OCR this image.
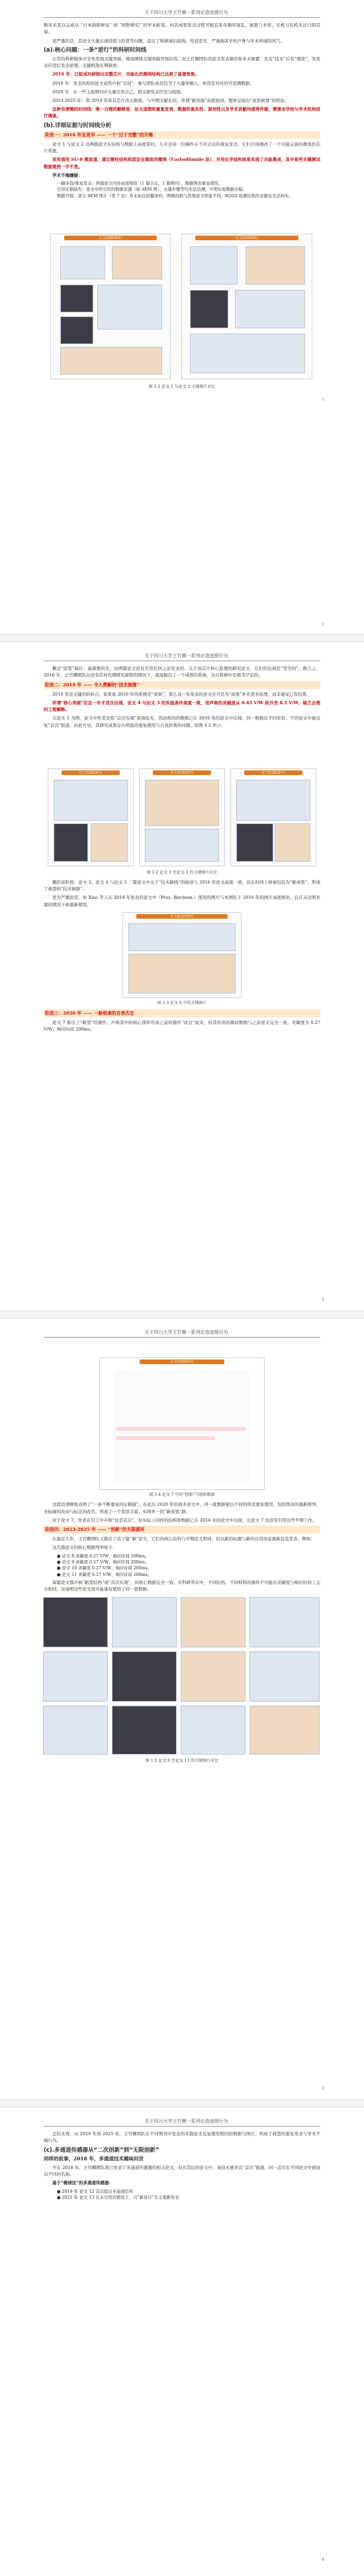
关于四川大学王竹卿一系列论造违规行为

数年来其以完成从 “日本助推修复” 到 “纳秒研究” 的学术蛇变。但其成果发表过程可疑且发布顺序混乱，倒置与矛盾，无机与有机无法自圆其说。

更严重的是，其论文大量出现造假与抄袭等问题，违反了科研诚信底线，性质恶劣，严重损害学校声誉与学术环境的风气。

(a).核心问题：一条“逆行”的科研时间线

正常的科研链条应是先发现关键突破，继而围绕关键突破开展应用。而王竹卿团队的论文发表顺序却本末倒置：先有“技术”后有“理论”，先发表应用后发表原理，关键机制长期缺席。

2016 年：已组成功研制出完整芯片，功能化的微纳结构已达到了显著效果。

2019 年：发表的原创论文竟然声称“首创”，参与团队成员包含了大量审稿人，却没有对应的可追溯数据。

2020 年：在一些主流期刊中大量引用自己，相关研究未经充分检验。

2023-2025 年：将 2016 年原有芯片改头换面，与早期文献比较，所谓“新突破”高度雷同，整体呈现出“成果倒置”的特征。

这种非逻辑的时间线：唯一合理的解释是：论文造假和重复发表，数据的真实性、原创性以及学术贡献均值得怀疑，需要由学校与学术机构进行调查。

(b).详细证据与时间线分析

阶段一：2016 年及更早 —— 一个“过于完整”的开端

论文 1 与论文 2 这两篇论文在结构与数据上高度雷同，几乎是同一份稿件在不同会议的重复发表，它们共同阐述了一个功能完备的微流控芯片系统。

采用商用 SU-8 微流道，通过微柱结构和固定在载体的微珠（Carbodiimide 法），并用化学结构体系实现了功能集成，其中某些关键测试数据竟然一字不差。

学术不端嫌疑：

一稿多投/重复发表：两篇论文内容高度相似（1 篇会议，1 篇期刊），数据图表重复使用。
引用证据缺失：论文中所引用的数据来源（如 SEM 图）、关键步骤等均无法追溯，早期实验数据存疑。
数据可疑：部分 SEM 图片（第 7 页）并未标注拍摄条件，图像风格与其他论文明显不同，H2O2 检测结果的来源也无法核实。
1
论文1(2016年)	论文2(2016年)

图 1-1 论文 1 与论文 2 关键图片对比

1

关于四川大学王竹卿一系列论造违规行为

概念“原型”缺位：最重要的是，这两篇论文没有引用任何之前发表的、关于该芯片核心原理的研究论文，它们的出现是“凭空的”。换言之，2016 年，王竹卿团队在没有任何先期研究铺垫的情况下，直接抛出了一个成熟的系统，这在科研中是极为罕见的。

阶段二：2019 年 —— 令人费解的“技术倒推”

2019 年是关键的转折点。如果说 2016 年的系统是“成果”，那么这一年发表的论文应当是为“成果”补充更多原理，而非重复已有结果。

所谓“核心突破”在这一年才首次出现，论文 4 与论文 3 的实验条件高度一致，而声称的灵敏度从 0.43 V/W 跃升至 8.5 V/W，缺乏合理的工程解释。

以论文 5 为例，论文中作者宣称“首次实现”某项技术，然而相同的数据已在 2016 年的论文中出现。同一数据在不同年份、不同论文中被反复“首次”报道。由此可见，其研究成果存在明显的重复使用与自我抄袭的问题，如图 1-2 所示。

论文3(2019年)	论文4(2019年)	论文5(2019年)

图 1-2 论文 3 至论文 5 的关键图片对比

概括该阶段：论文 3、论文 4 与论文 5 三篇论文中关于“技术路线”的描述与 2016 年论文高度一致，但在时间上却被包装为“新成果”，形成了典型的“技术倒推”。

更为严重的是，如 Xiao 等人在 2019 年发表的论文中（Proc. Biochem.）使用的图片与本团队于 2016 年的图片高度相似，且在未注明来源的情况下被重新使用。

论文6(2019年)

图 1-3 论文 6 中的关键图片

阶段三：2020 年 —— 一脉相承的自我否定

论文 7 推出了“新型”的器件，声称其中的核心部件可由之前的器件“改良”而来，但其所用的测试数据与之前论文完全一致，灵敏度为 0.27 V/W，响应时间 200ms。

2

关于四川大学王竹卿一系列论造违规行为

论文7(2020年)

图 1-4 论文 7 中的“创新”与原始数据

这段话清晰地表明了“一条不断重复的证据链”。在此后 2020 年的很多论文中，同一批数据被以不同的形式重复使用，包括图表的重新排列、坐标轴的改动与标注的改名，形成了一个看似丰富、实则单一的“新成果”群。

对于论文 7，作者在引言中声称“这是首次”，但实际上同样的结构和数据已在 2016 年的论文中出现，且论文 7 也没有引用这些早期工作。

阶段四：2023-2025 年 —— “创新”的无限循环

在最近几年，王竹卿团队又推出了若干篇“新”论文，它们的核心结构与早期论文相同，但以新的标题与新的应用场景重新包装发表。例如：

这几篇论文的核心数据列举如下：

● 论文 8 灵敏度 0.27 V/W，响应时间 200ms。
● 论文 9 灵敏度 0.27 V/W，响应时间 200ms。
● 论文 10 灵敏度 0.27 V/W，响应时间 200ms。
● 论文 11 灵敏度 0.27 V/W，响应时间 200ms。

每篇论文都声称“新型结构”或“首次实现”，但核心数据完全一致。在科研常识中，不同结构、不同材料的器件不可能在灵敏度与响应时间上完全相同，这说明这些论文很可能重复使用了同一套数据。

图 1-5 论文 8 至论文 11 的关键图片对比

3

关于四川大学王竹卿一系列论造违规行为

总结来看，从 2016 年到 2025 年，王竹卿团队在不同期刊中发表的多篇论文反复使用相同的数据与图片，构成了典型的重复发表与学术不端行为。

(c).多通道传感器从“二次创新”到“无限创新”

同样的故事，2018 年，多通道技术趣味问世

早在 2018 年，王竹卿团队就已发表了多通道传感器的相关论文，但在其后的论文中，该技术被多次“首次”报道，同一芯片在不同论文中被冠以不同的名称。

基于“微球法”的多通道传感器：

● 2018 年 论文 12 首次提出多通道结构
● 2021 年 论文 13 在未引用的情况下，以“新设计”名义重新发表
4
